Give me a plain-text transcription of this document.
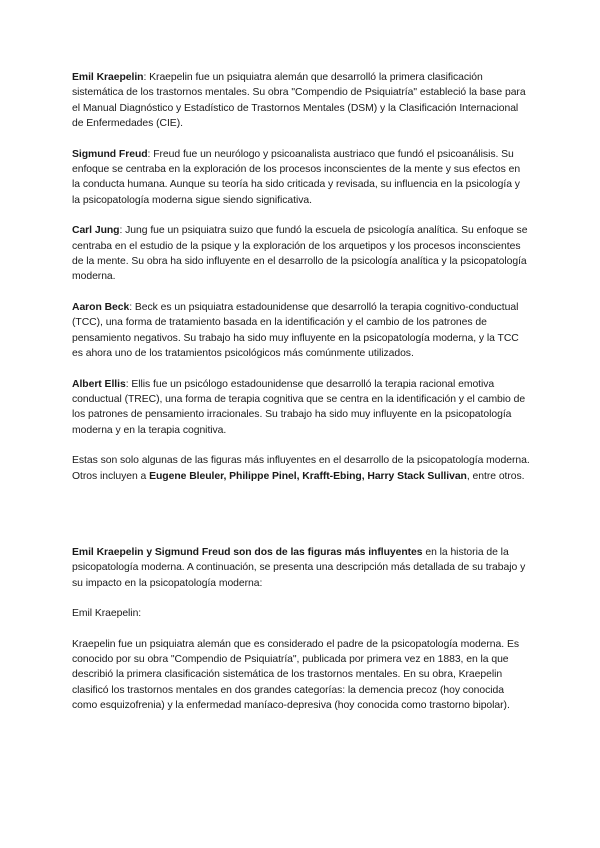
Emil Kraepelin: Kraepelin fue un psiquiatra alemán que desarrolló la primera clasificación sistemática de los trastornos mentales. Su obra "Compendio de Psiquiatría" estableció la base para el Manual Diagnóstico y Estadístico de Trastornos Mentales (DSM) y la Clasificación Internacional de Enfermedades (CIE).

Sigmund Freud: Freud fue un neurólogo y psicoanalista austriaco que fundó el psicoanálisis. Su enfoque se centraba en la exploración de los procesos inconscientes de la mente y sus efectos en la conducta humana. Aunque su teoría ha sido criticada y revisada, su influencia en la psicología y la psicopatología moderna sigue siendo significativa.

Carl Jung: Jung fue un psiquiatra suizo que fundó la escuela de psicología analítica. Su enfoque se centraba en el estudio de la psique y la exploración de los arquetipos y los procesos inconscientes de la mente. Su obra ha sido influyente en el desarrollo de la psicología analítica y la psicopatología moderna.

Aaron Beck: Beck es un psiquiatra estadounidense que desarrolló la terapia cognitivo-conductual (TCC), una forma de tratamiento basada en la identificación y el cambio de los patrones de pensamiento negativos. Su trabajo ha sido muy influyente en la psicopatología moderna, y la TCC es ahora uno de los tratamientos psicológicos más comúnmente utilizados.

Albert Ellis: Ellis fue un psicólogo estadounidense que desarrolló la terapia racional emotiva conductual (TREC), una forma de terapia cognitiva que se centra en la identificación y el cambio de los patrones de pensamiento irracionales. Su trabajo ha sido muy influyente en la psicopatología moderna y en la terapia cognitiva.

Estas son solo algunas de las figuras más influyentes en el desarrollo de la psicopatología moderna. Otros incluyen a Eugene Bleuler, Philippe Pinel, Krafft-Ebing, Harry Stack Sullivan, entre otros.

Emil Kraepelin y Sigmund Freud son dos de las figuras más influyentes en la historia de la psicopatología moderna. A continuación, se presenta una descripción más detallada de su trabajo y su impacto en la psicopatología moderna:

Emil Kraepelin:

Kraepelin fue un psiquiatra alemán que es considerado el padre de la psicopatología moderna. Es conocido por su obra "Compendio de Psiquiatría", publicada por primera vez en 1883, en la que describió la primera clasificación sistemática de los trastornos mentales. En su obra, Kraepelin clasificó los trastornos mentales en dos grandes categorías: la demencia precoz (hoy conocida como esquizofrenia) y la enfermedad maníaco-depresiva (hoy conocida como trastorno bipolar).
